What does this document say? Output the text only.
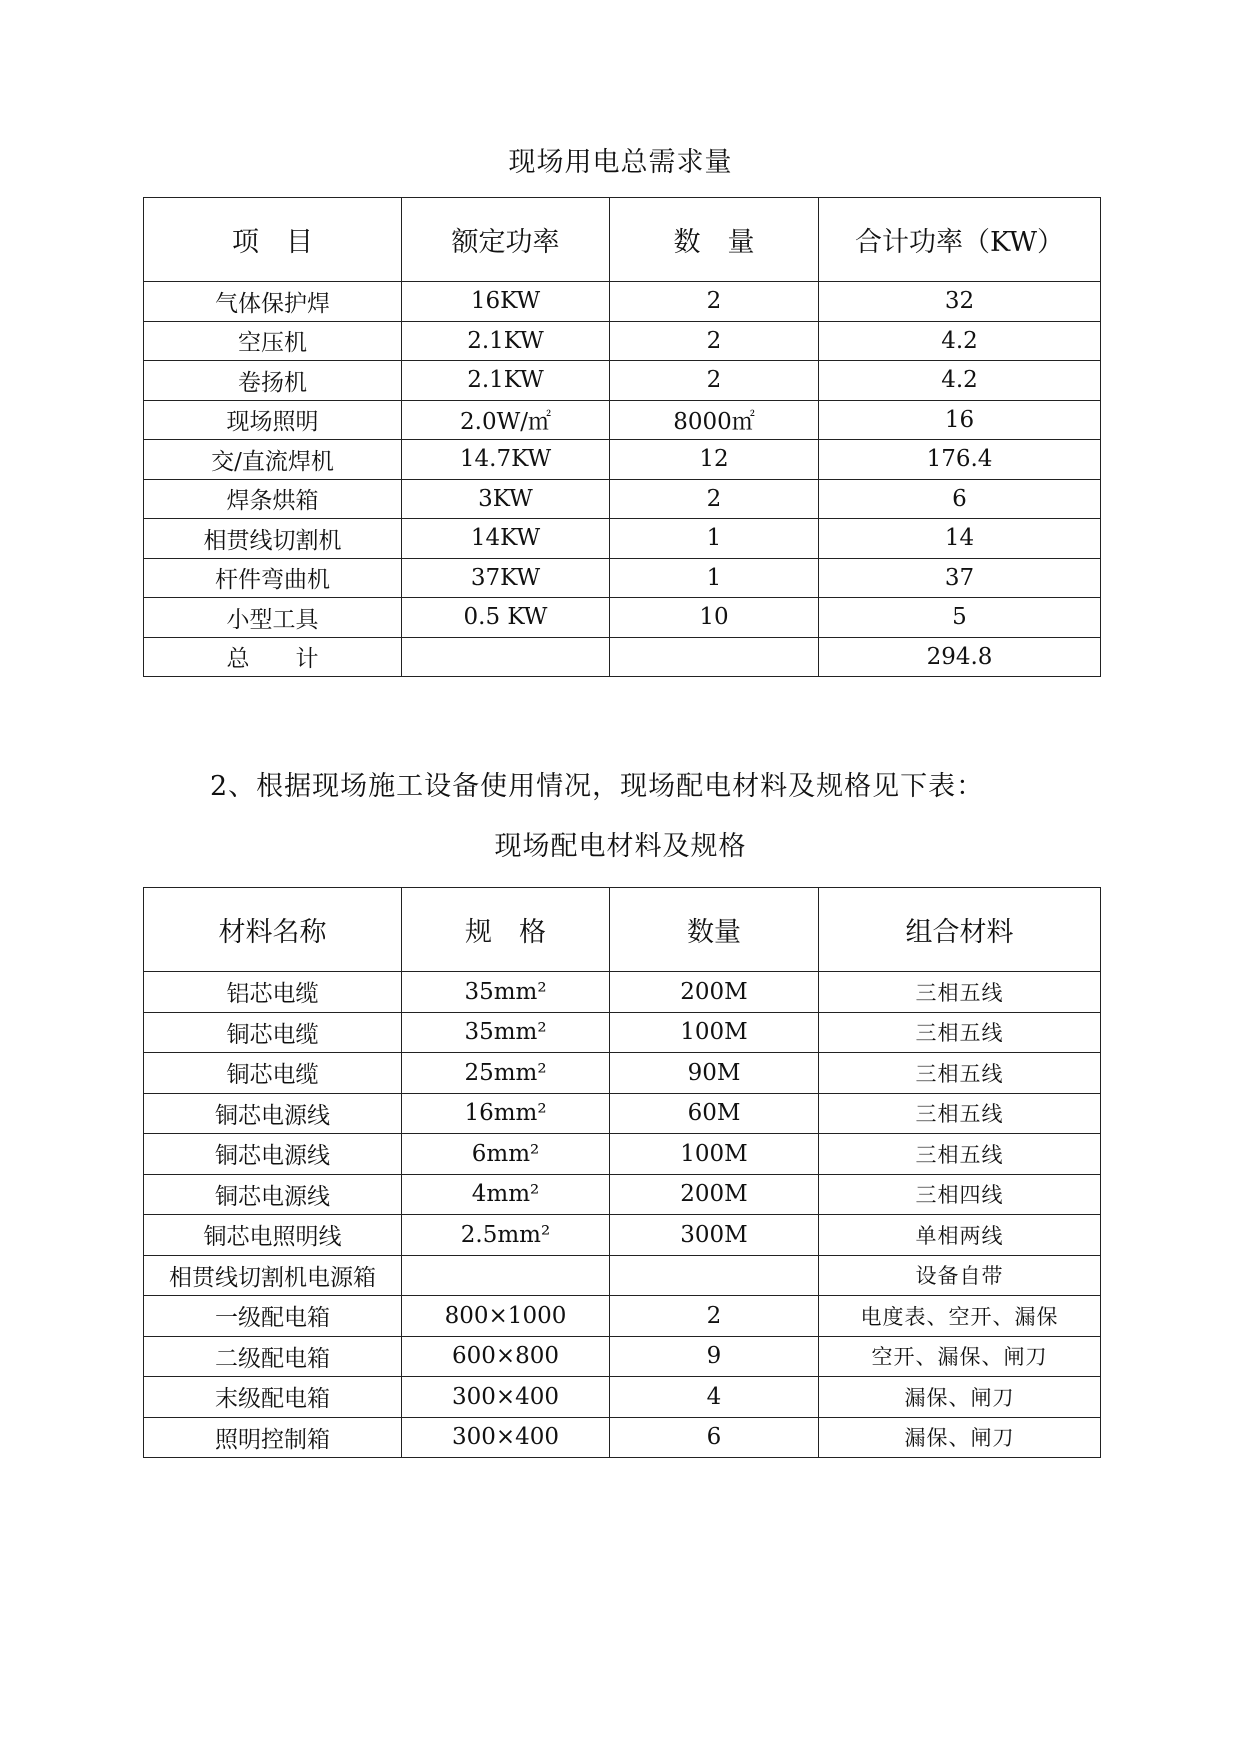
现场用电总需求量
项　目	额定功率	数　量	合计功率（KW）
气体保护焊	16KW	2	32
空压机	2.1KW	2	4.2
卷扬机	2.1KW	2	4.2
现场照明	2.0W/㎡	8000㎡	16
交/直流焊机	14.7KW	12	176.4
焊条烘箱	3KW	2	6
相贯线切割机	14KW	1	14
杆件弯曲机	37KW	1	37
小型工具	0.5 KW	10	5
总　　计			294.8
2、根据现场施工设备使用情况，现场配电材料及规格见下表：
现场配电材料及规格
材料名称	规　格	数量	组合材料
铝芯电缆	35mm²	200M	三相五线
铜芯电缆	35mm²	100M	三相五线
铜芯电缆	25mm²	90M	三相五线
铜芯电源线	16mm²	60M	三相五线
铜芯电源线	6mm²	100M	三相五线
铜芯电源线	4mm²	200M	三相四线
铜芯电照明线	2.5mm²	300M	单相两线
相贯线切割机电源箱			设备自带
一级配电箱	800×1000	2	电度表、空开、漏保
二级配电箱	600×800	9	空开、漏保、闸刀
末级配电箱	300×400	4	漏保、闸刀
照明控制箱	300×400	6	漏保、闸刀
